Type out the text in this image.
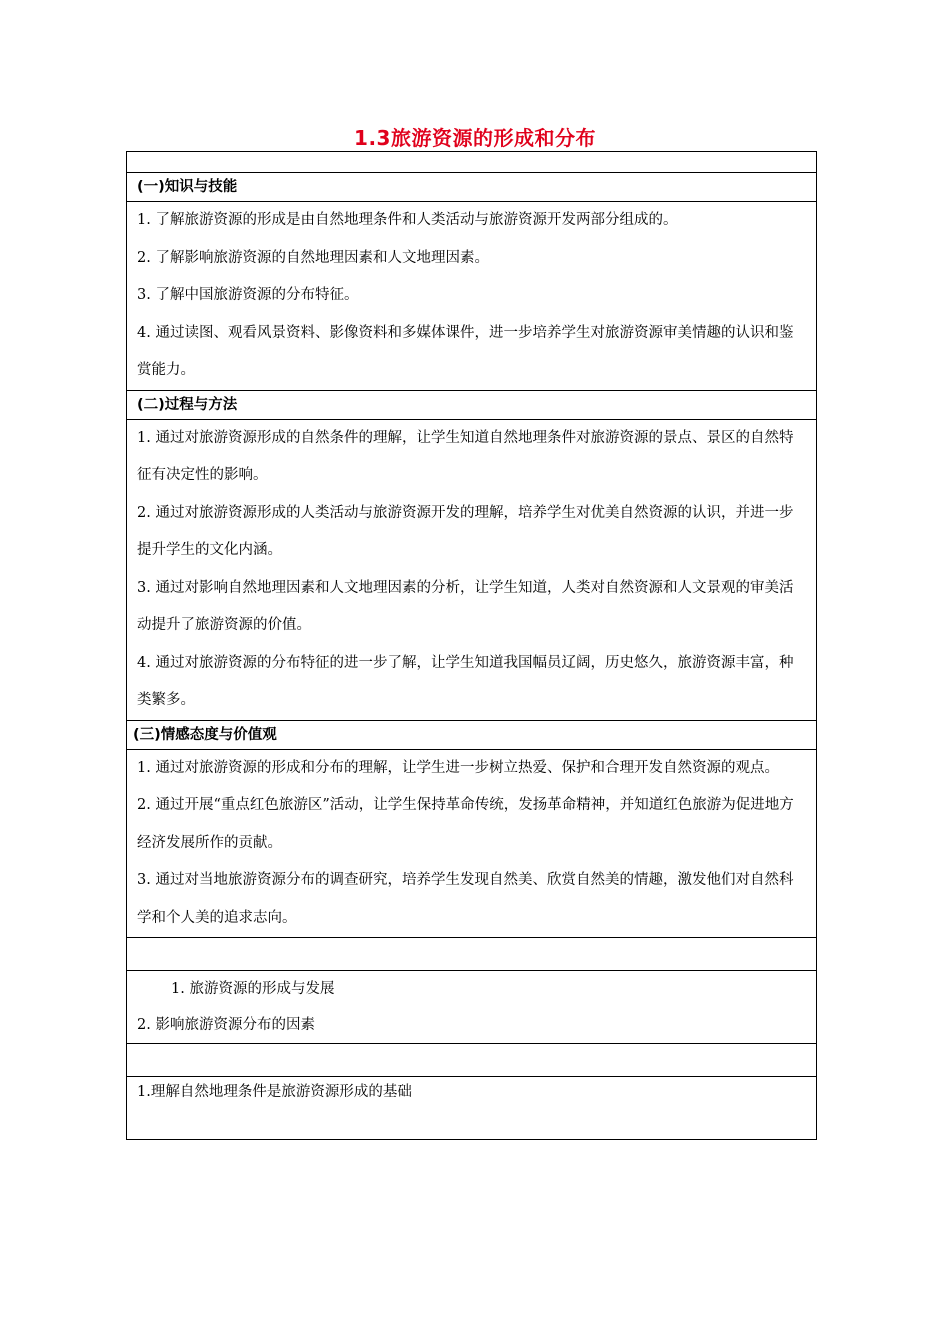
1.3旅游资源的形成和分布

(一)知识与技能

1. 了解旅游资源的形成是由自然地理条件和人类活动与旅游资源开发两部分组成的。

2. 了解影响旅游资源的自然地理因素和人文地理因素。

3. 了解中国旅游资源的分布特征。

4. 通过读图、观看风景资料、影像资料和多媒体课件，进一步培养学生对旅游资源审美情趣的认识和鉴赏能力。

(二)过程与方法

1. 通过对旅游资源形成的自然条件的理解，让学生知道自然地理条件对旅游资源的景点、景区的自然特征有决定性的影响。

2. 通过对旅游资源形成的人类活动与旅游资源开发的理解，培养学生对优美自然资源的认识，并进一步提升学生的文化内涵。

3. 通过对影响自然地理因素和人文地理因素的分析，让学生知道，人类对自然资源和人文景观的审美活动提升了旅游资源的价值。

4. 通过对旅游资源的分布特征的进一步了解，让学生知道我国幅员辽阔，历史悠久，旅游资源丰富，种类繁多。

(三)情感态度与价值观

1. 通过对旅游资源的形成和分布的理解，让学生进一步树立热爱、保护和合理开发自然资源的观点。

2. 通过开展“重点红色旅游区”活动，让学生保持革命传统，发扬革命精神，并知道红色旅游为促进地方经济发展所作的贡献。

3. 通过对当地旅游资源分布的调查研究，培养学生发现自然美、欣赏自然美的情趣，激发他们对自然科学和个人美的追求志向。

1. 旅游资源的形成与发展

2. 影响旅游资源分布的因素

1.理解自然地理条件是旅游资源形成的基础
